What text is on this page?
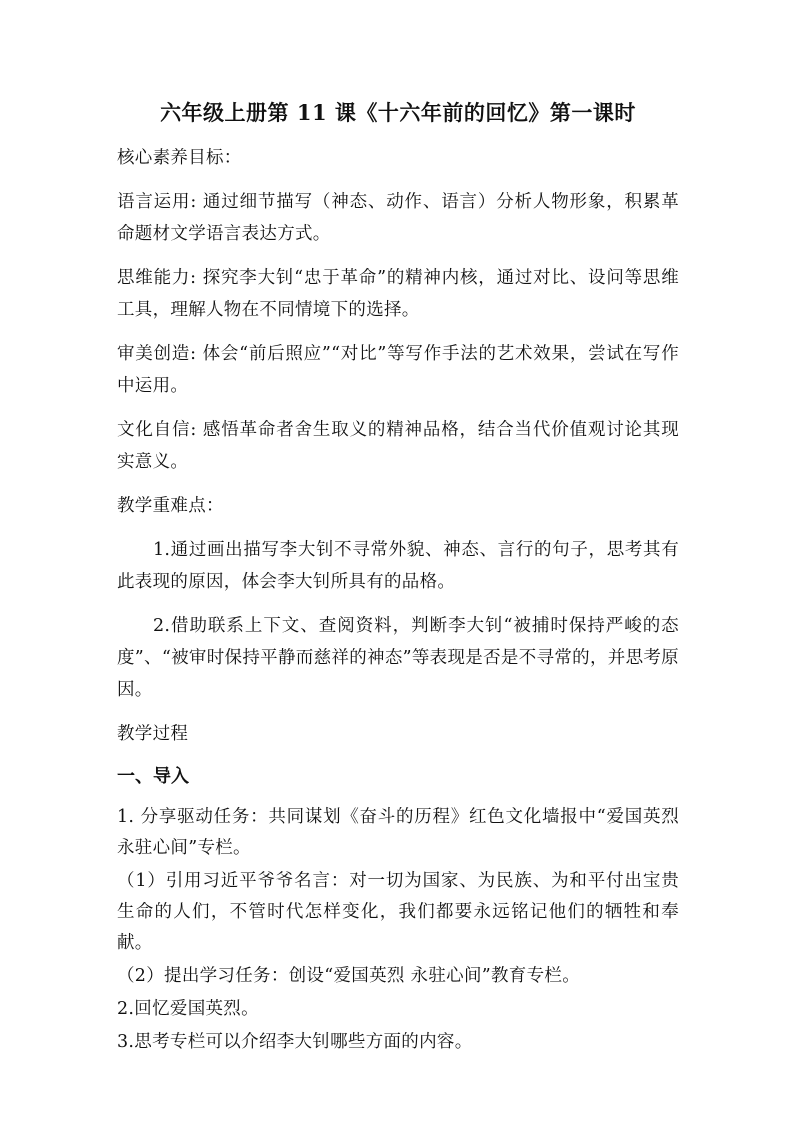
六年级上册第 11 课《十六年前的回忆》第一课时

核心素养目标：

语言运用: 通过细节描写（神态、动作、语言）分析人物形象，积累革命题材文学语言表达方式。

思维能力: 探究李大钊“忠于革命”的精神内核，通过对比、设问等思维工具，理解人物在不同情境下的选择。

审美创造: 体会“前后照应”“对比”等写作手法的艺术效果，尝试在写作中运用。

文化自信: 感悟革命者舍生取义的精神品格，结合当代价值观讨论其现实意义。

教学重难点：

1.通过画出描写李大钊不寻常外貌、神态、言行的句子，思考其有此表现的原因，体会李大钊所具有的品格。

2.借助联系上下文、查阅资料，判断李大钊“被捕时保持严峻的态度”、“被审时保持平静而慈祥的神态”等表现是否是不寻常的，并思考原因。

教学过程

一、导入

1. 分享驱动任务：共同谋划《奋斗的历程》红色文化墙报中“爱国英烈 永驻心间”专栏。

（1）引用习近平爷爷名言：对一切为国家、为民族、为和平付出宝贵生命的人们，不管时代怎样变化，我们都要永远铭记他们的牺牲和奉献。

（2）提出学习任务：创设“爱国英烈 永驻心间”教育专栏。

2.回忆爱国英烈。

3.思考专栏可以介绍李大钊哪些方面的内容。
